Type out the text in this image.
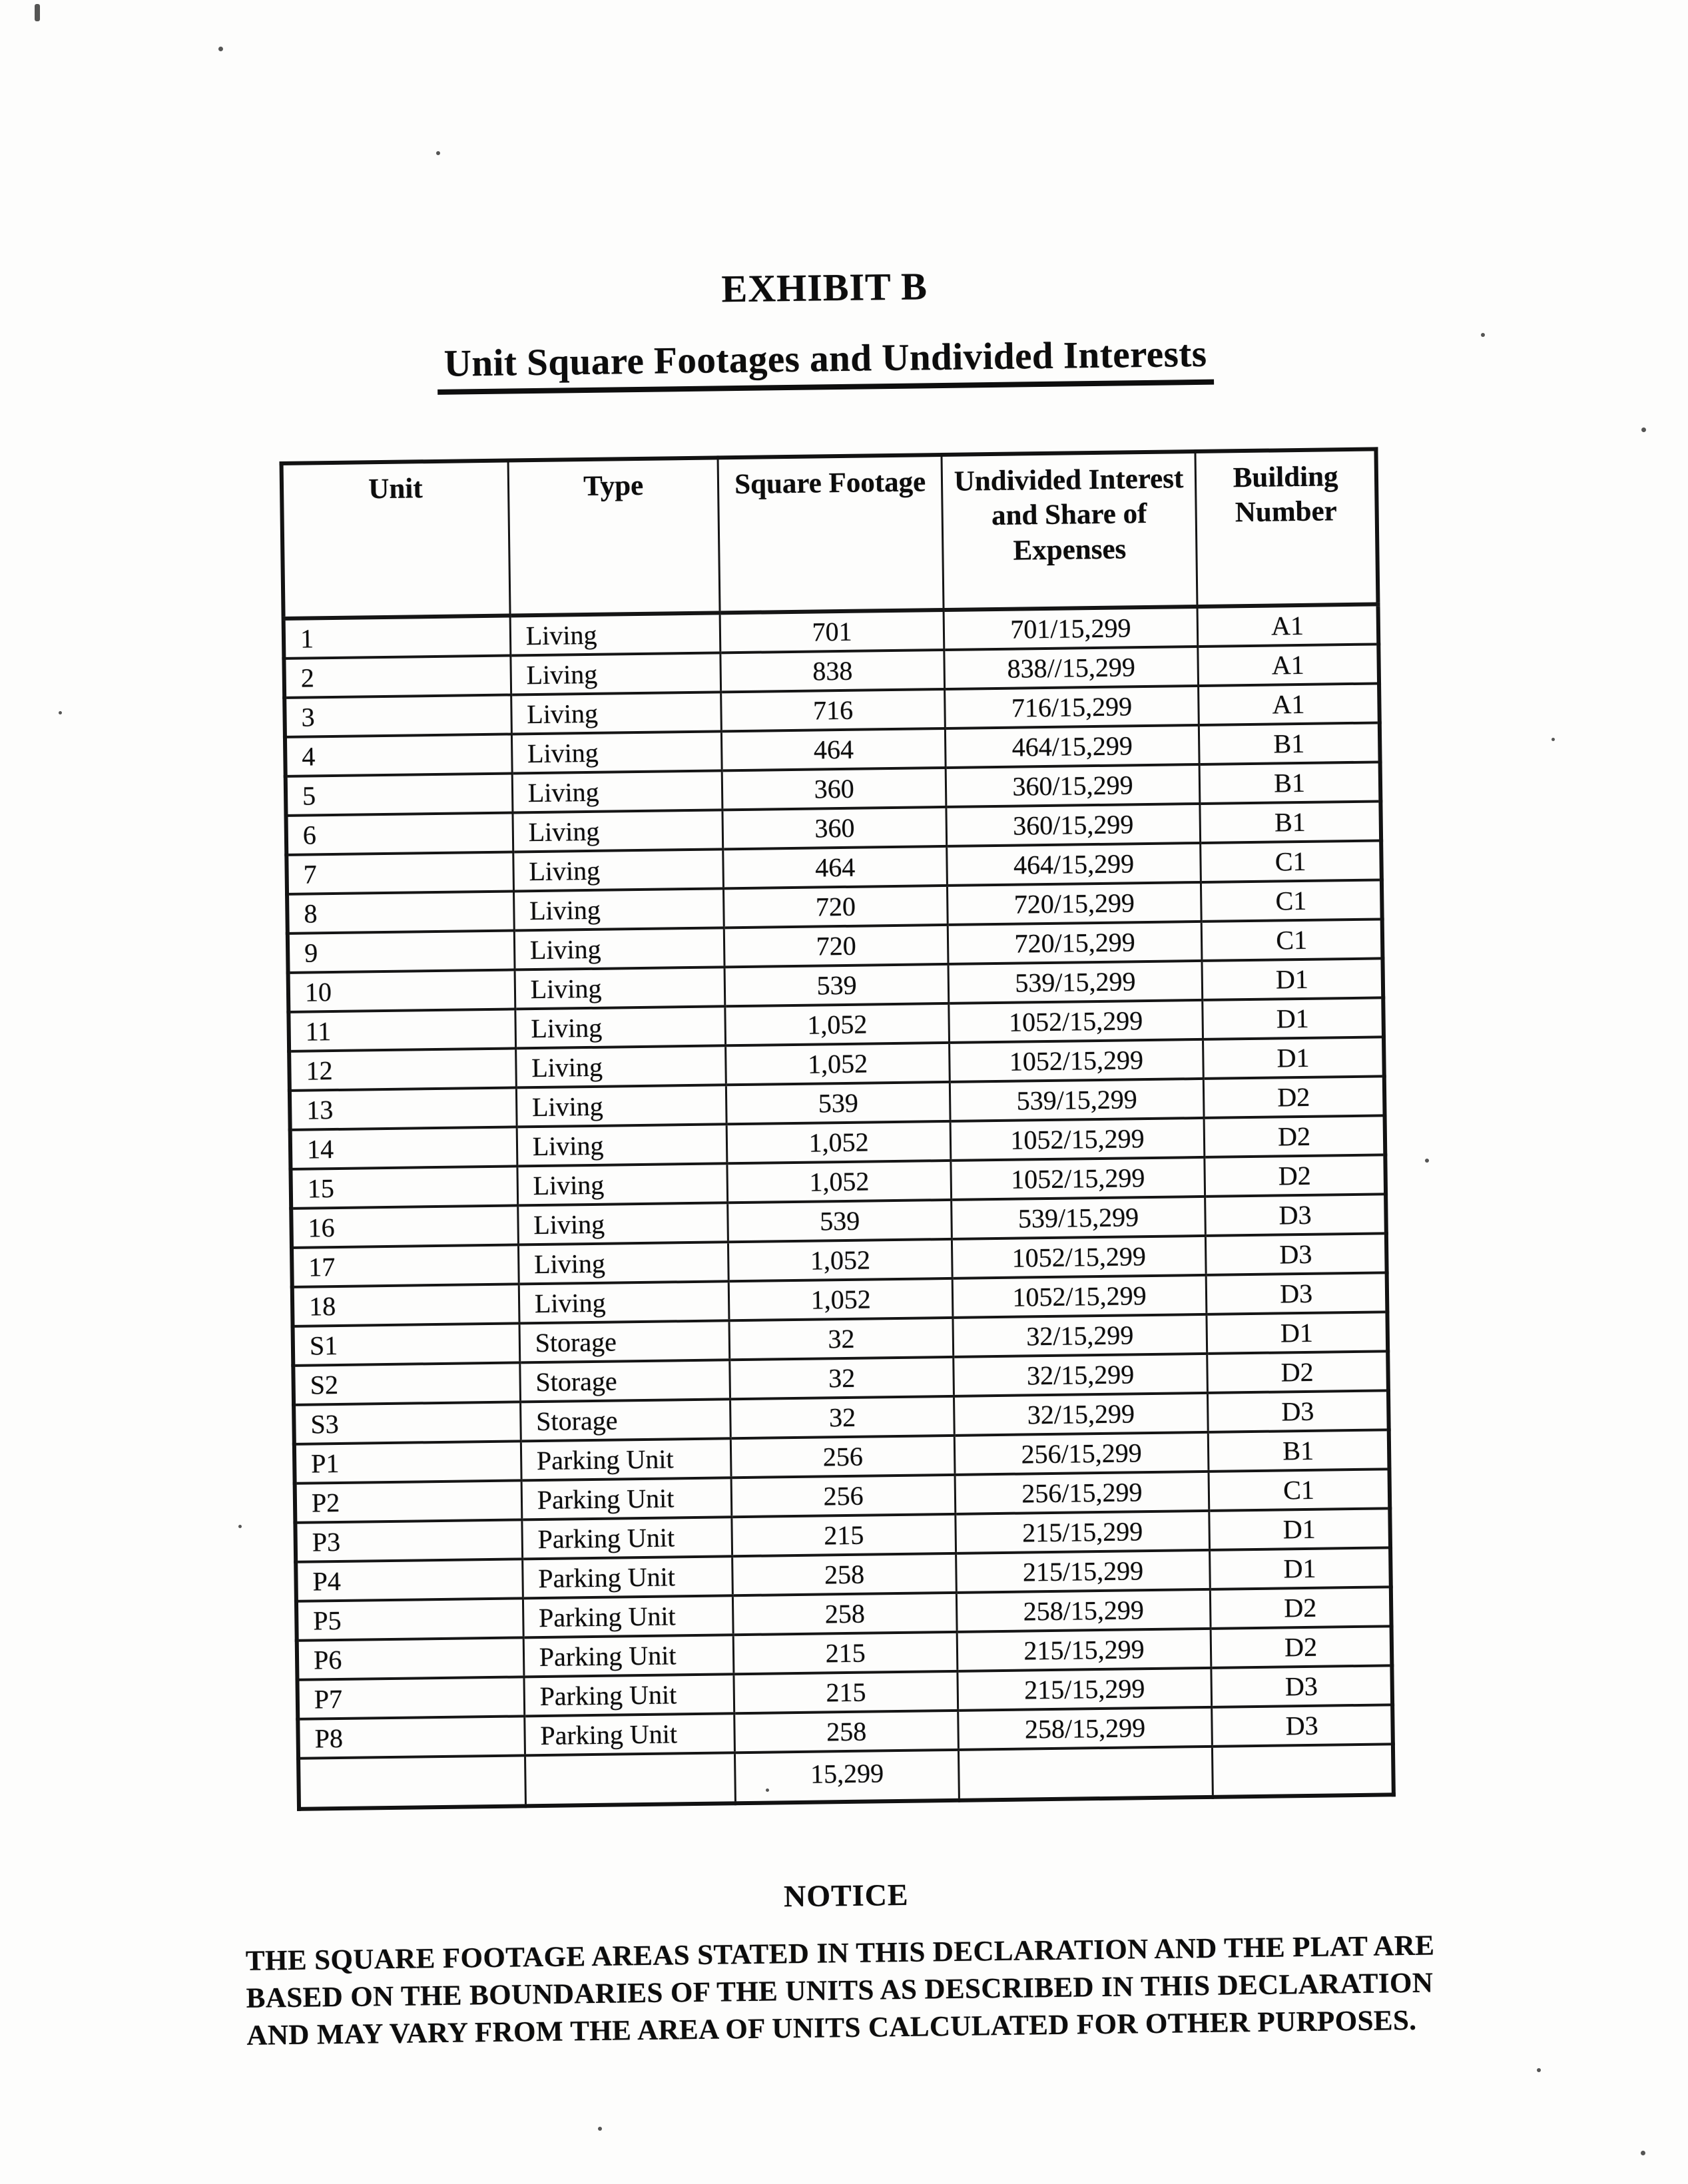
EXHIBIT B
Unit Square Footages and Undivided Interests
Unit	Type	Square Footage	Undivided Interest and Share of Expenses	Building Number
1	Living	701	701/15,299	A1
2	Living	838	838//15,299	A1
3	Living	716	716/15,299	A1
4	Living	464	464/15,299	B1
5	Living	360	360/15,299	B1
6	Living	360	360/15,299	B1
7	Living	464	464/15,299	C1
8	Living	720	720/15,299	C1
9	Living	720	720/15,299	C1
10	Living	539	539/15,299	D1
11	Living	1,052	1052/15,299	D1
12	Living	1,052	1052/15,299	D1
13	Living	539	539/15,299	D2
14	Living	1,052	1052/15,299	D2
15	Living	1,052	1052/15,299	D2
16	Living	539	539/15,299	D3
17	Living	1,052	1052/15,299	D3
18	Living	1,052	1052/15,299	D3
S1	Storage	32	32/15,299	D1
S2	Storage	32	32/15,299	D2
S3	Storage	32	32/15,299	D3
P1	Parking Unit	256	256/15,299	B1
P2	Parking Unit	256	256/15,299	C1
P3	Parking Unit	215	215/15,299	D1
P4	Parking Unit	258	215/15,299	D1
P5	Parking Unit	258	258/15,299	D2
P6	Parking Unit	215	215/15,299	D2
P7	Parking Unit	215	215/15,299	D3
P8	Parking Unit	258	258/15,299	D3
		15,299		
NOTICE
THE SQUARE FOOTAGE AREAS STATED IN THIS DECLARATION AND THE PLAT ARE
BASED ON THE BOUNDARIES OF THE UNITS AS DESCRIBED IN THIS DECLARATION
AND MAY VARY FROM THE AREA OF UNITS CALCULATED FOR OTHER PURPOSES.
